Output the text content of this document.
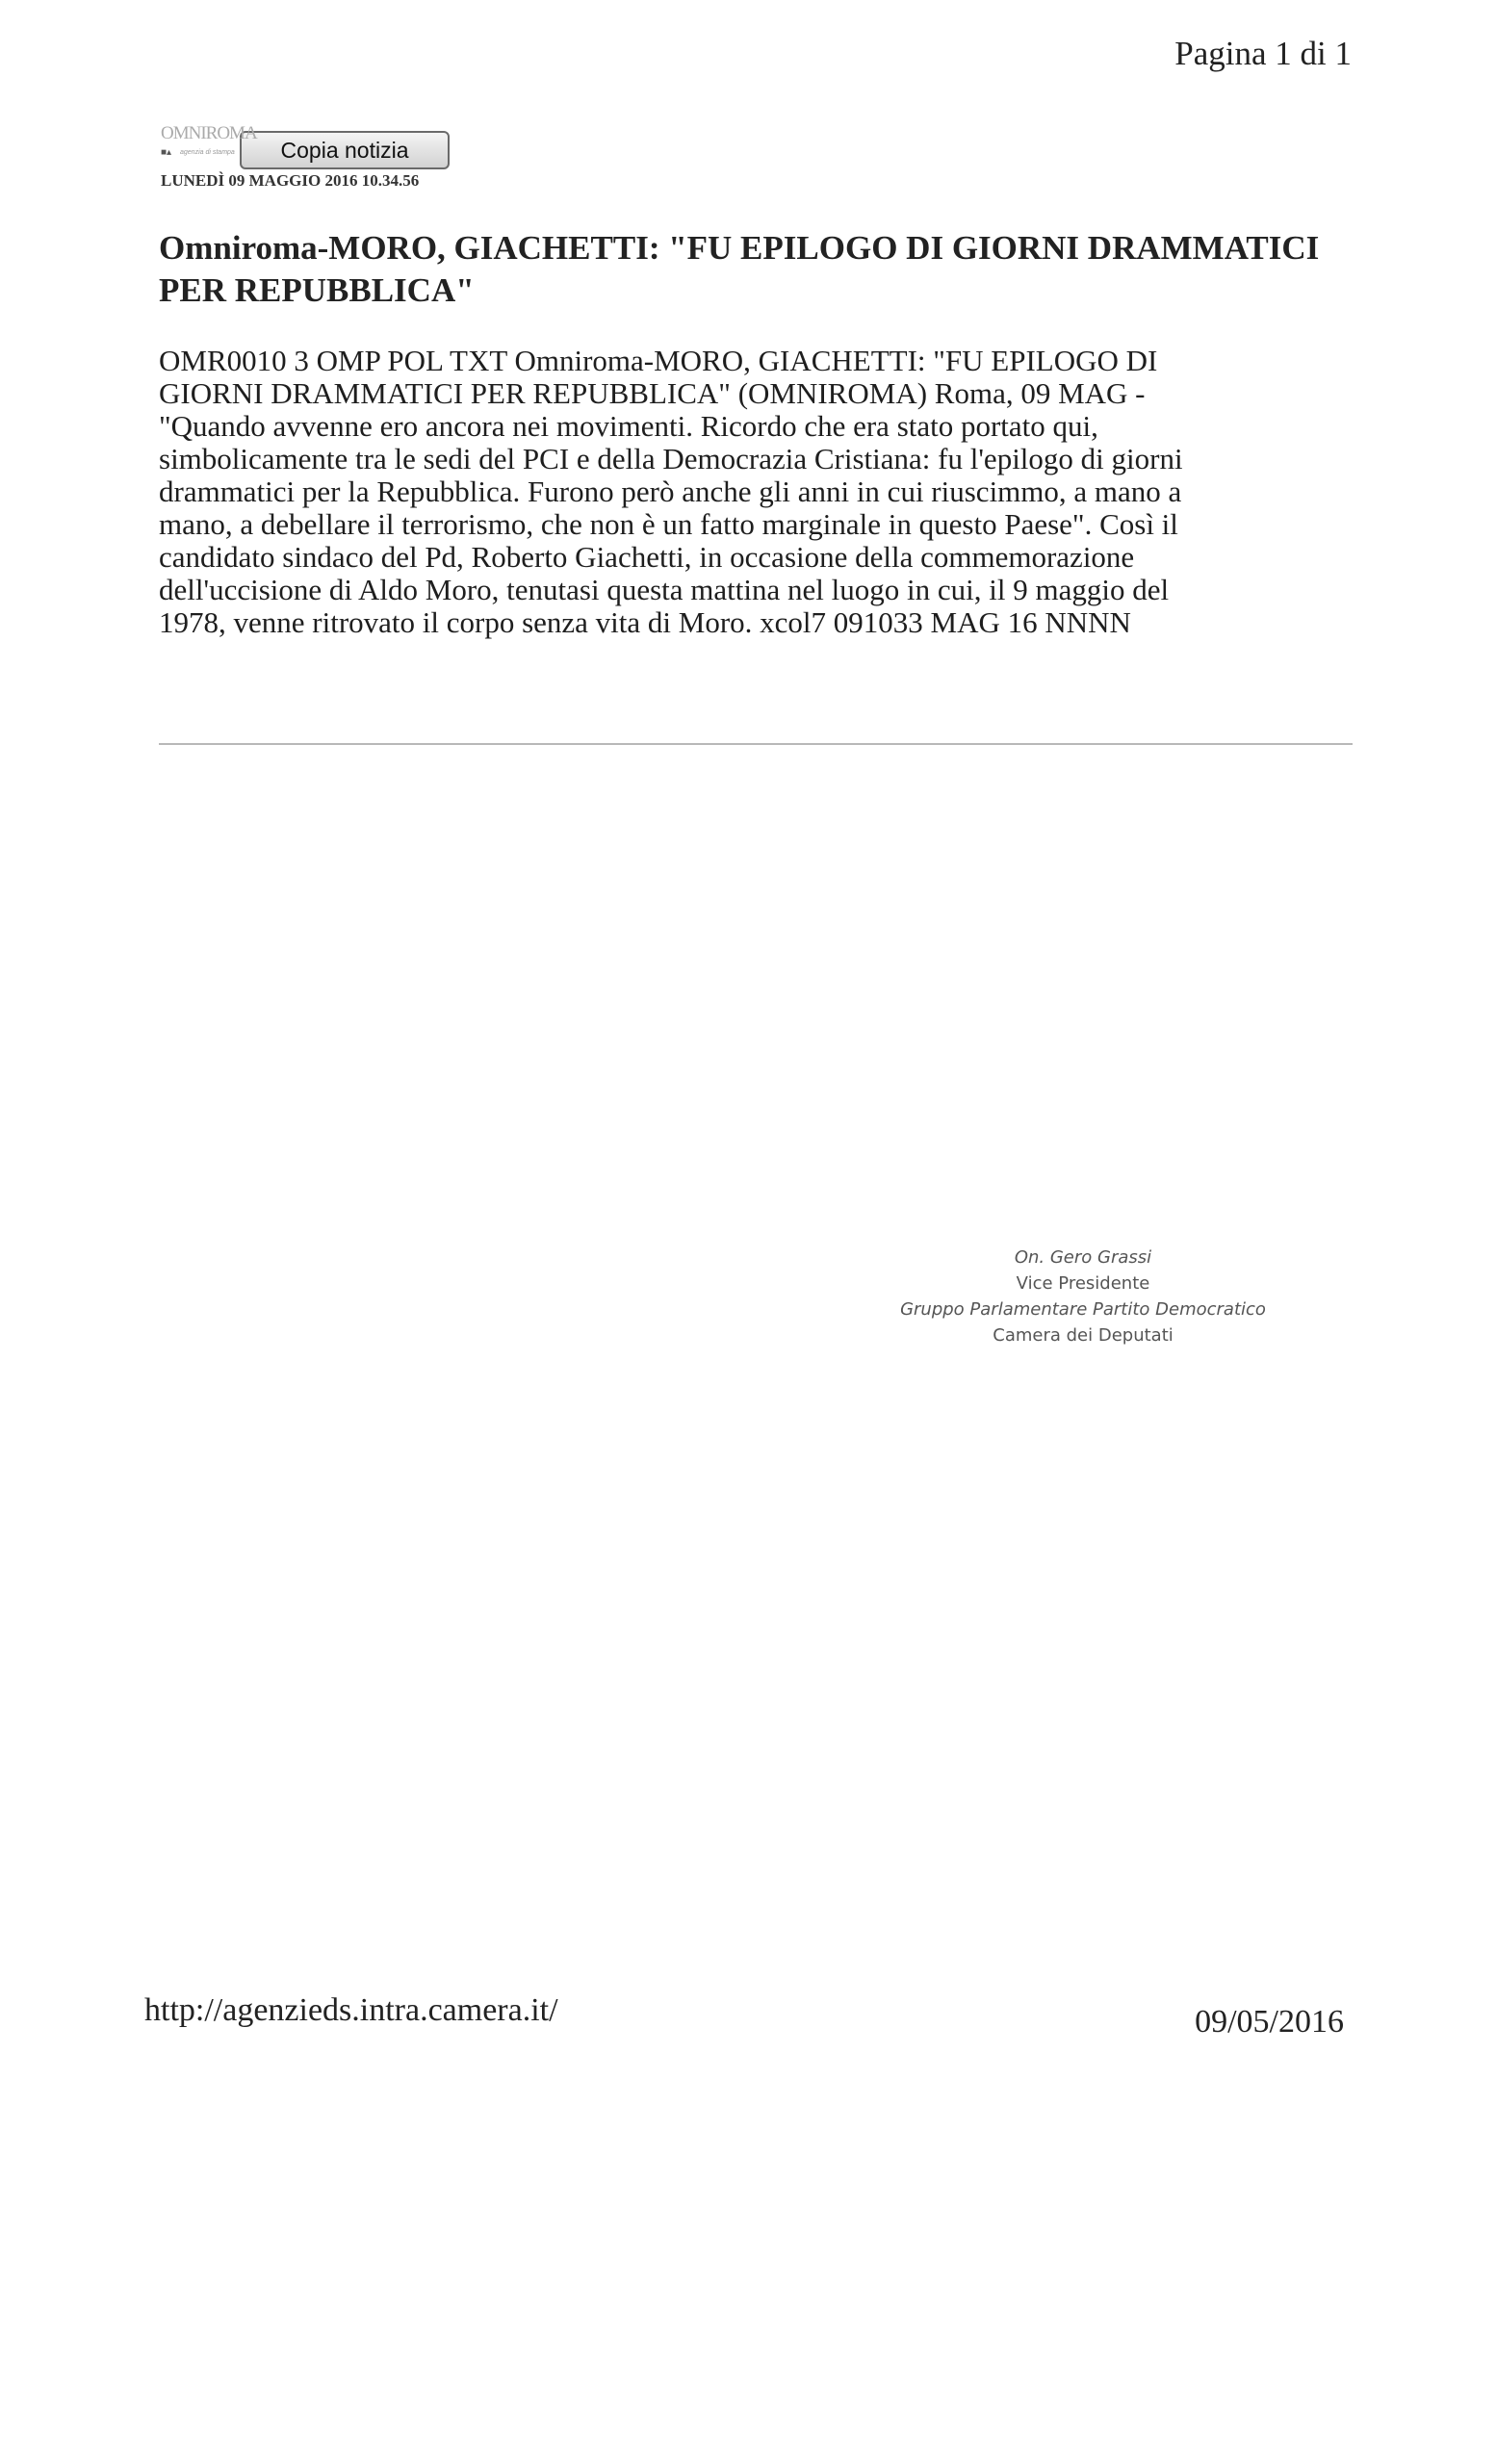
Pagina 1 di 1
OMNIROMA
■▴ agenzia di stampa	Copia notizia
LUNEDÌ 09 MAGGIO 2016 10.34.56
Omniroma-MORO, GIACHETTI: "FU EPILOGO DI GIORNI DRAMMATICI
PER REPUBBLICA"
OMR0010 3 OMP POL TXT Omniroma-MORO, GIACHETTI: "FU EPILOGO DI
GIORNI DRAMMATICI PER REPUBBLICA" (OMNIROMA) Roma, 09 MAG -
"Quando avvenne ero ancora nei movimenti. Ricordo che era stato portato qui,
simbolicamente tra le sedi del PCI e della Democrazia Cristiana: fu l'epilogo di giorni
drammatici per la Repubblica. Furono però anche gli anni in cui riuscimmo, a mano a
mano, a debellare il terrorismo, che non è un fatto marginale in questo Paese". Così il
candidato sindaco del Pd, Roberto Giachetti, in occasione della commemorazione
dell'uccisione di Aldo Moro, tenutasi questa mattina nel luogo in cui, il 9 maggio del
1978, venne ritrovato il corpo senza vita di Moro. xcol7 091033 MAG 16 NNNN
On. Gero Grassi
Vice Presidente
Gruppo Parlamentare Partito Democratico
Camera dei Deputati
http://agenzieds.intra.camera.it/	09/05/2016
